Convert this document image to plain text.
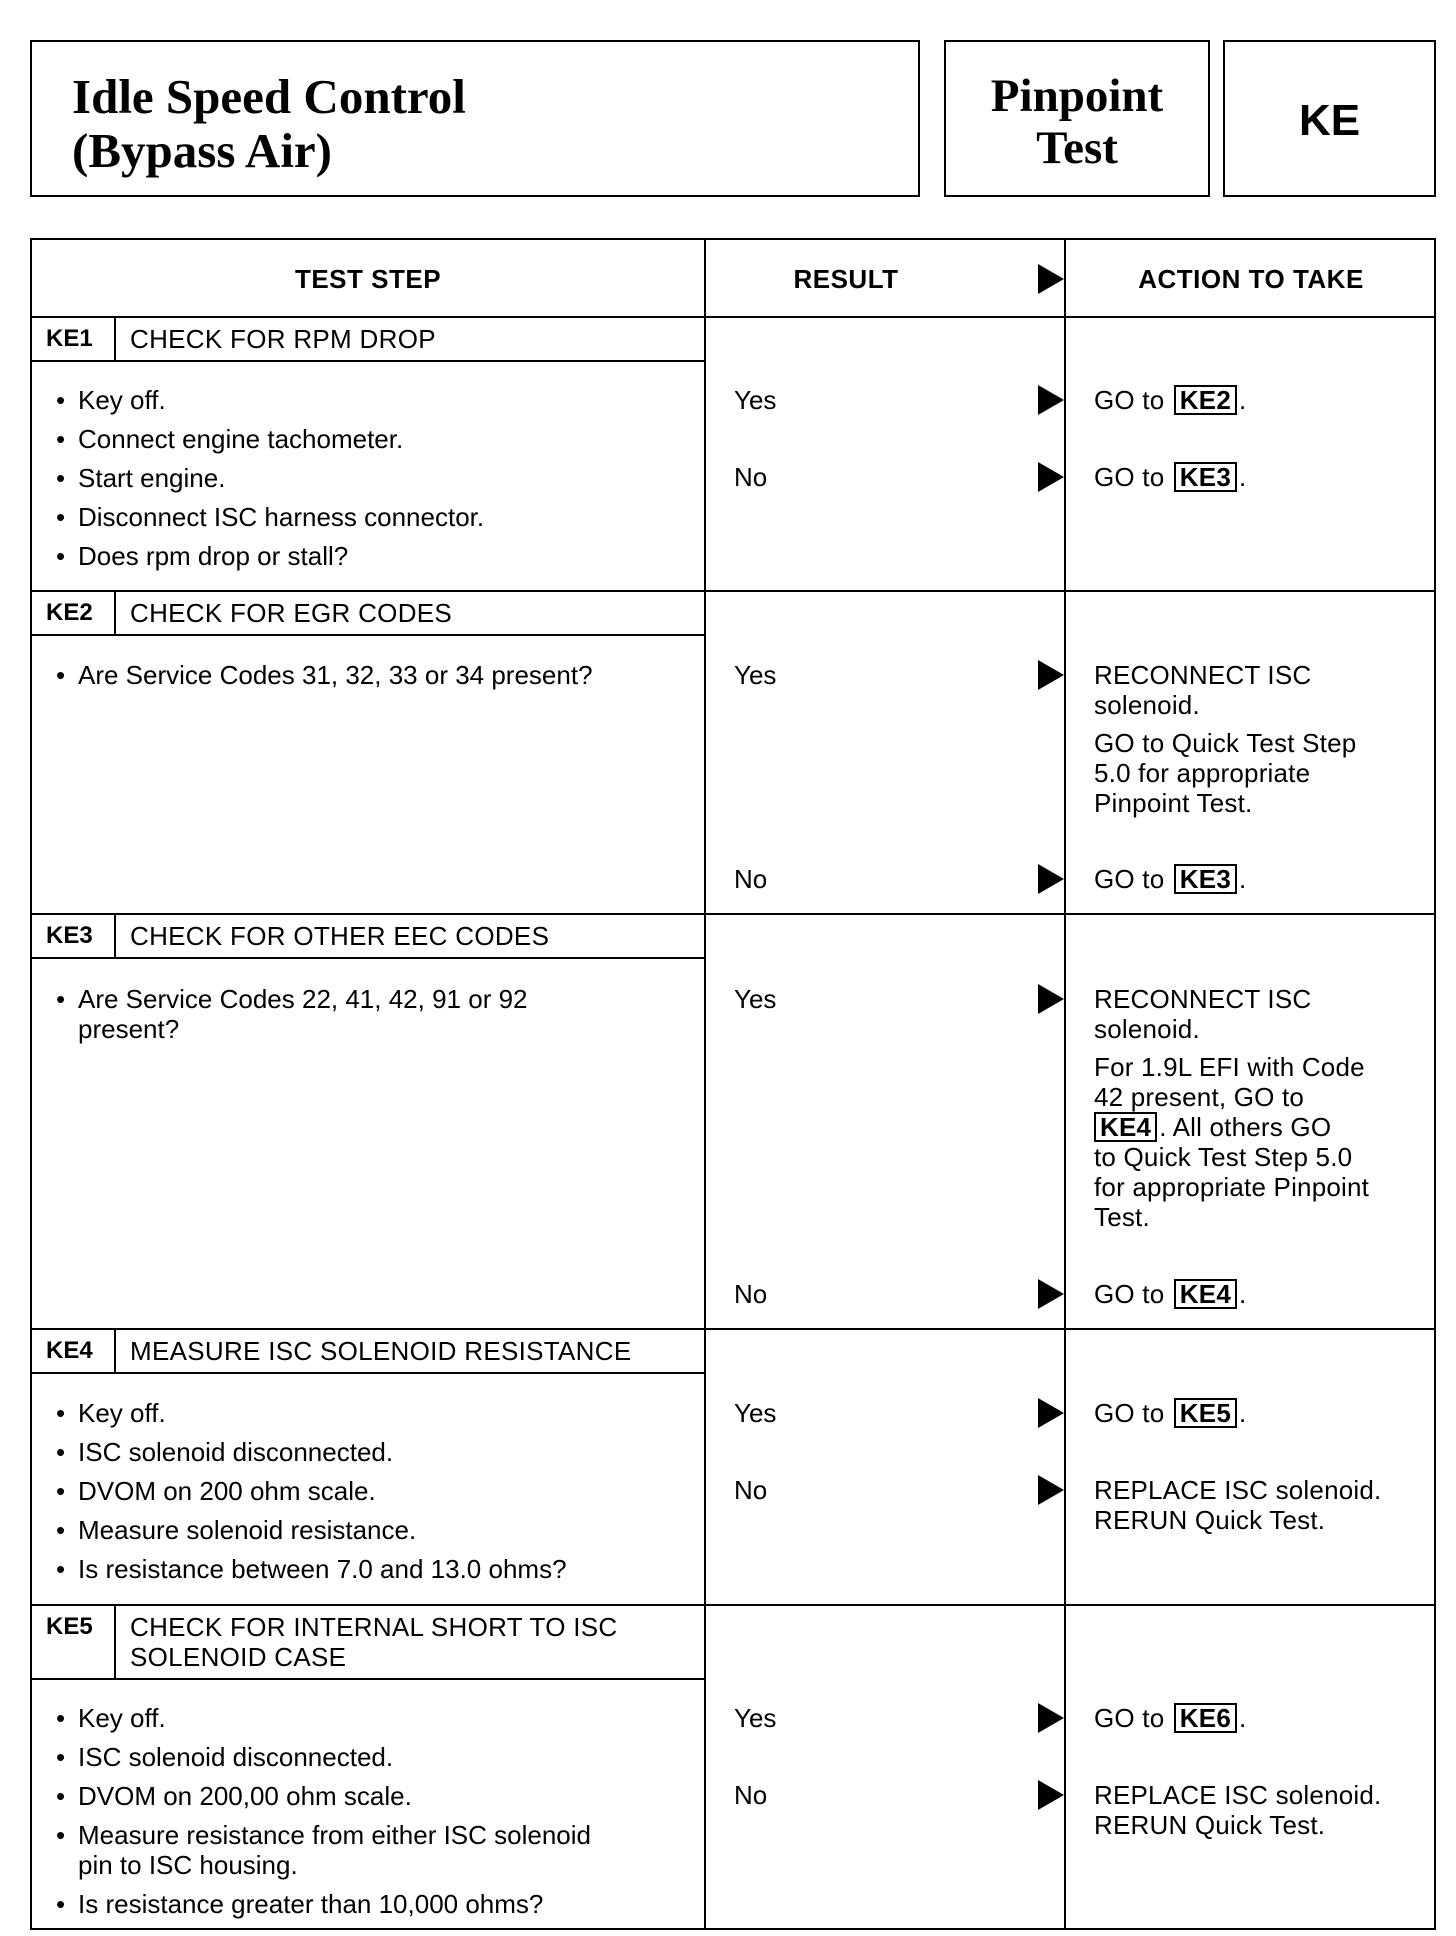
Idle Speed Control
(Bypass Air)
Pinpoint
Test
KE
TEST STEP	RESULT	ACTION TO TAKE
KE1	CHECK FOR RPM DROP
• Key off.
• Connect engine tachometer.
• Start engine.
• Disconnect ISC harness connector.
• Does rpm drop or stall?
Yes	GO to KE2 .
No	GO to KE3 .
KE2	CHECK FOR EGR CODES
• Are Service Codes 31, 32, 33 or 34 present?	Yes	RECONNECT ISC
solenoid.
GO to Quick Test Step
5.0 for appropriate
Pinpoint Test.
No	GO to KE3 .
KE3	CHECK FOR OTHER EEC CODES
• Are Service Codes 22, 41, 42, 91 or 92
present?
Yes	RECONNECT ISC
solenoid.
For 1.9L EFI with Code
42 present, GO to
KE4 . All others GO
to Quick Test Step 5.0
for appropriate Pinpoint
Test.
No	GO to KE4 .
KE4	MEASURE ISC SOLENOID RESISTANCE
• Key off.
• ISC solenoid disconnected.
• DVOM on 200 ohm scale.
• Measure solenoid resistance.
• Is resistance between 7.0 and 13.0 ohms?
Yes	GO to KE5 .
No	REPLACE ISC solenoid.
RERUN Quick Test.
KE5	CHECK FOR INTERNAL SHORT TO ISC
SOLENOID CASE
• Key off.
• ISC solenoid disconnected.
• DVOM on 200,00 ohm scale.
• Measure resistance from either ISC solenoid
pin to ISC housing.
• Is resistance greater than 10,000 ohms?
Yes	GO to KE6 .
No	REPLACE ISC solenoid.
RERUN Quick Test.
